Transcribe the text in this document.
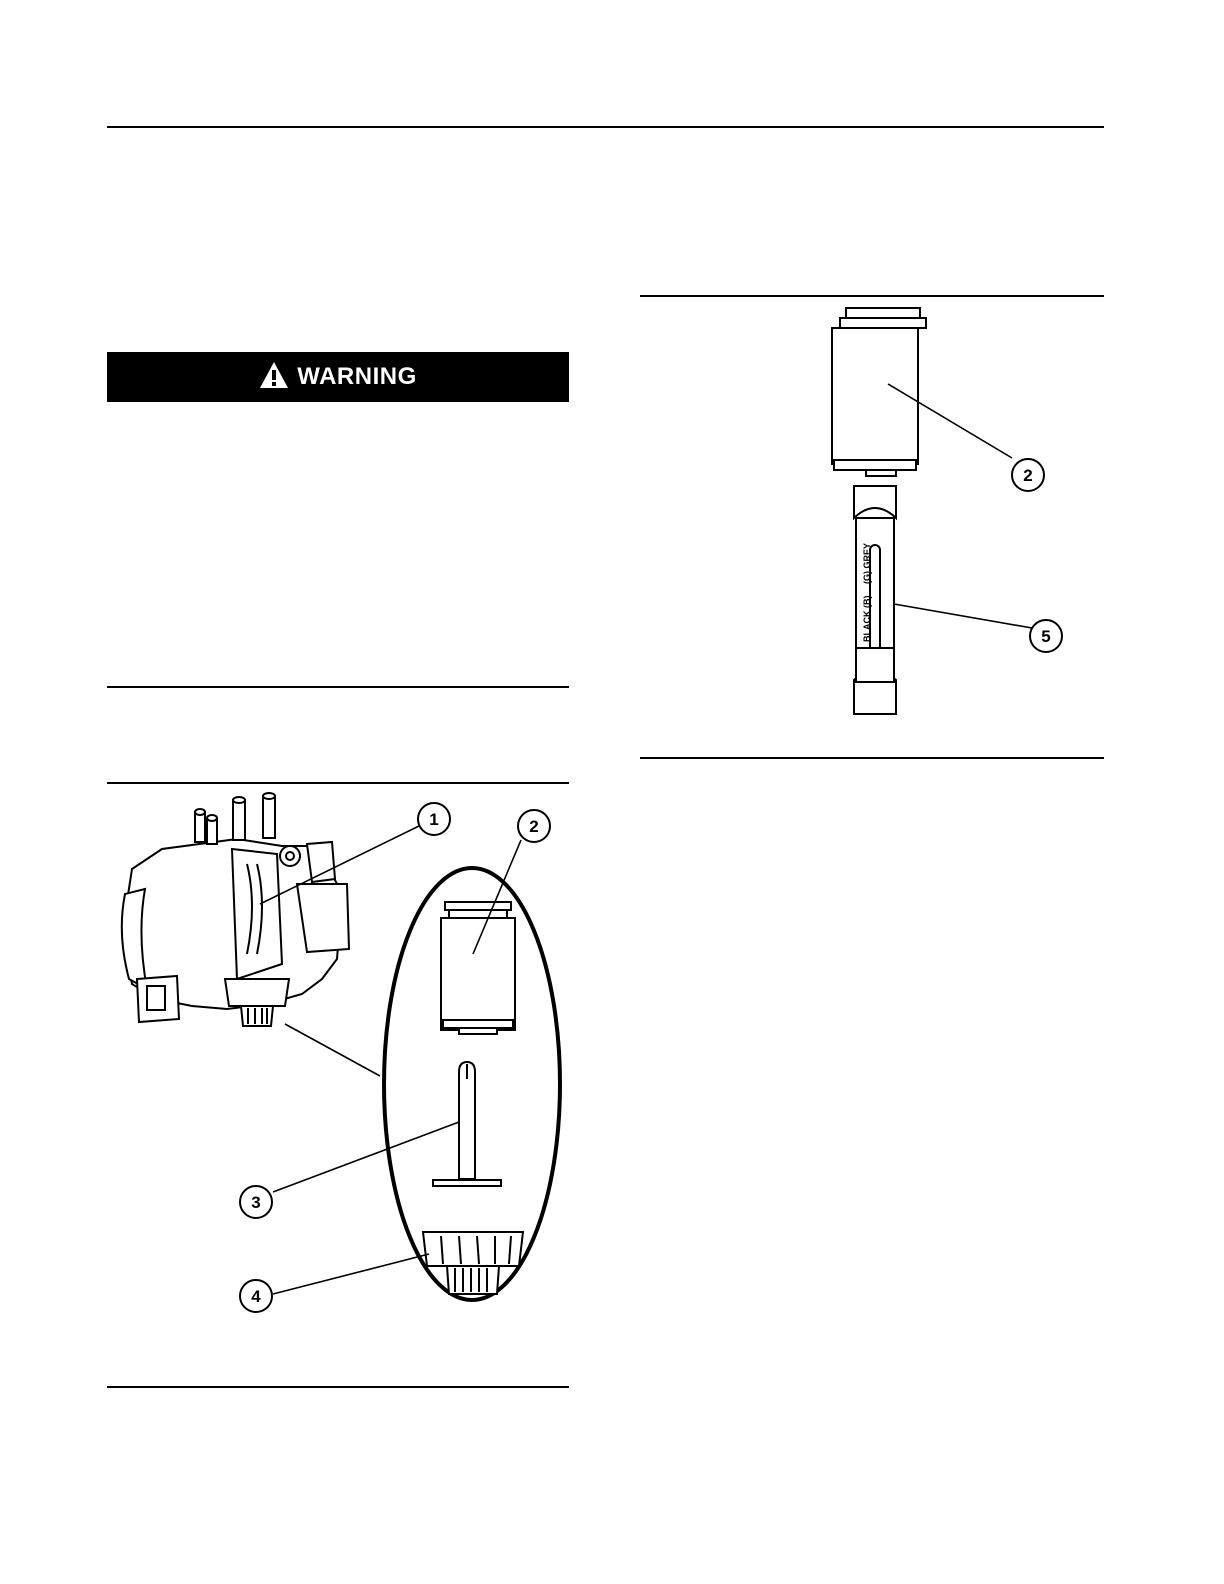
WARNING
1	2
3
4
BLACK (B)
(G) GREY
2
5
